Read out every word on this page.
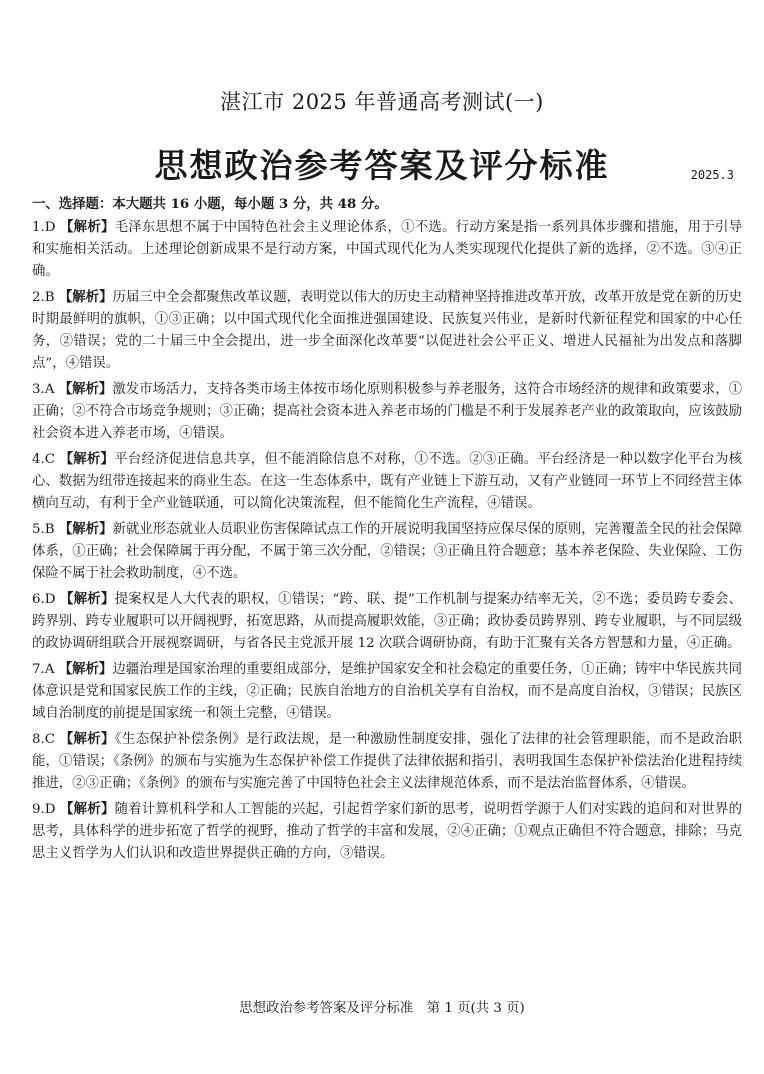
湛江市 2025 年普通高考测试(一)
思想政治参考答案及评分标准	2025.3
一、选择题：本大题共 16 小题，每小题 3 分，共 48 分。
1.D 【解析】毛泽东思想不属于中国特色社会主义理论体系，①不选。行动方案是指一系列具体步骤和措施，用于引导和实施相关活动。上述理论创新成果不是行动方案，中国式现代化为人类实现现代化提供了新的选择，②不选。③④正确。
2.B 【解析】历届三中全会都聚焦改革议题，表明党以伟大的历史主动精神坚持推进改革开放，改革开放是党在新的历史时期最鲜明的旗帜，①③正确；以中国式现代化全面推进强国建设、民族复兴伟业，是新时代新征程党和国家的中心任务，②错误；党的二十届三中全会提出，进一步全面深化改革要“以促进社会公平正义、增进人民福祉为出发点和落脚点”，④错误。
3.A 【解析】激发市场活力，支持各类市场主体按市场化原则积极参与养老服务，这符合市场经济的规律和政策要求，①正确；②不符合市场竞争规则；③正确；提高社会资本进入养老市场的门槛是不利于发展养老产业的政策取向，应该鼓励社会资本进入养老市场，④错误。
4.C 【解析】平台经济促进信息共享，但不能消除信息不对称，①不选。②③正确。平台经济是一种以数字化平台为核心、数据为纽带连接起来的商业生态。在这一生态体系中，既有产业链上下游互动，又有产业链同一环节上不同经营主体横向互动，有利于全产业链联通，可以简化决策流程，但不能简化生产流程，④错误。
5.B 【解析】新就业形态就业人员职业伤害保障试点工作的开展说明我国坚持应保尽保的原则，完善覆盖全民的社会保障体系，①正确；社会保障属于再分配，不属于第三次分配，②错误；③正确且符合题意；基本养老保险、失业保险、工伤保险不属于社会救助制度，④不选。
6.D 【解析】提案权是人大代表的职权，①错误；“跨、联、提”工作机制与提案办结率无关，②不选；委员跨专委会、跨界别、跨专业履职可以开阔视野，拓宽思路，从而提高履职效能，③正确；政协委员跨界别、跨专业履职，与不同层级的政协调研组联合开展视察调研，与省各民主党派开展 12 次联合调研协商，有助于汇聚有关各方智慧和力量，④正确。
7.A 【解析】边疆治理是国家治理的重要组成部分，是维护国家安全和社会稳定的重要任务，①正确；铸牢中华民族共同体意识是党和国家民族工作的主线，②正确；民族自治地方的自治机关享有自治权，而不是高度自治权，③错误；民族区域自治制度的前提是国家统一和领土完整，④错误。
8.C 【解析】《生态保护补偿条例》是行政法规，是一种激励性制度安排，强化了法律的社会管理职能，而不是政治职能，①错误；《条例》的颁布与实施为生态保护补偿工作提供了法律依据和指引，表明我国生态保护补偿法治化进程持续推进，②③正确；《条例》的颁布与实施完善了中国特色社会主义法律规范体系，而不是法治监督体系，④错误。
9.D 【解析】随着计算机科学和人工智能的兴起，引起哲学家们新的思考，说明哲学源于人们对实践的追问和对世界的思考，具体科学的进步拓宽了哲学的视野，推动了哲学的丰富和发展，②④正确；①观点正确但不符合题意，排除；马克思主义哲学为人们认识和改造世界提供正确的方向，③错误。
思想政治参考答案及评分标准　第 1 页(共 3 页)
